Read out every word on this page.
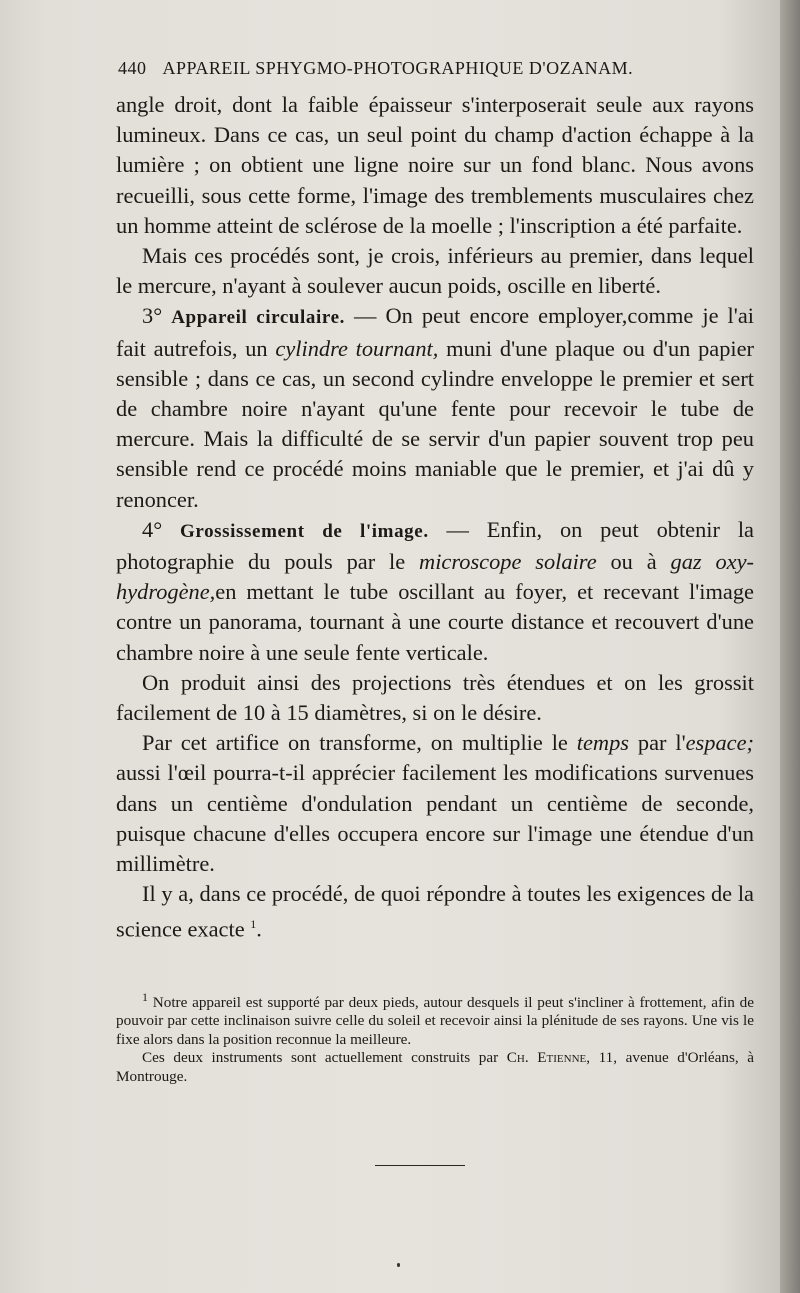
440 APPAREIL SPHYGMO-PHOTOGRAPHIQUE D'OZANAM.

angle droit, dont la faible épaisseur s'interposerait seule aux rayons lumineux. Dans ce cas, un seul point du champ d'action échappe à la lumière ; on obtient une ligne noire sur un fond blanc. Nous avons recueilli, sous cette forme, l'image des tremblements musculaires chez un homme atteint de sclérose de la moelle ; l'inscription a été parfaite.

Mais ces procédés sont, je crois, inférieurs au premier, dans lequel le mercure, n'ayant à soulever aucun poids, oscille en liberté.

3° Appareil circulaire. — On peut encore employer,comme je l'ai fait autrefois, un cylindre tournant, muni d'une plaque ou d'un papier sensible ; dans ce cas, un second cylindre enveloppe le premier et sert de chambre noire n'ayant qu'une fente pour recevoir le tube de mercure. Mais la difficulté de se servir d'un papier souvent trop peu sensible rend ce procédé moins maniable que le premier, et j'ai dû y renoncer.

4° Grossissement de l'image. — Enfin, on peut obtenir la photographie du pouls par le microscope solaire ou à gaz oxy-hydrogène,en mettant le tube oscillant au foyer, et recevant l'image contre un panorama, tournant à une courte distance et recouvert d'une chambre noire à une seule fente verticale.

On produit ainsi des projections très étendues et on les grossit facilement de 10 à 15 diamètres, si on le désire.

Par cet artifice on transforme, on multiplie le temps par l'espace; aussi l'œil pourra-t-il apprécier facilement les modifications survenues dans un centième d'ondulation pendant un centième de seconde, puisque chacune d'elles occupera encore sur l'image une étendue d'un millimètre.

Il y a, dans ce procédé, de quoi répondre à toutes les exigences de la science exacte $^1$.

$^1$ Notre appareil est supporté par deux pieds, autour desquels il peut s'incliner à frottement, afin de pouvoir par cette inclinaison suivre celle du soleil et recevoir ainsi la plénitude de ses rayons. Une vis le fixe alors dans la position reconnue la meilleure.

Ces deux instruments sont actuellement construits par Ch. Etienne, 11, avenue d'Orléans, à Montrouge.
